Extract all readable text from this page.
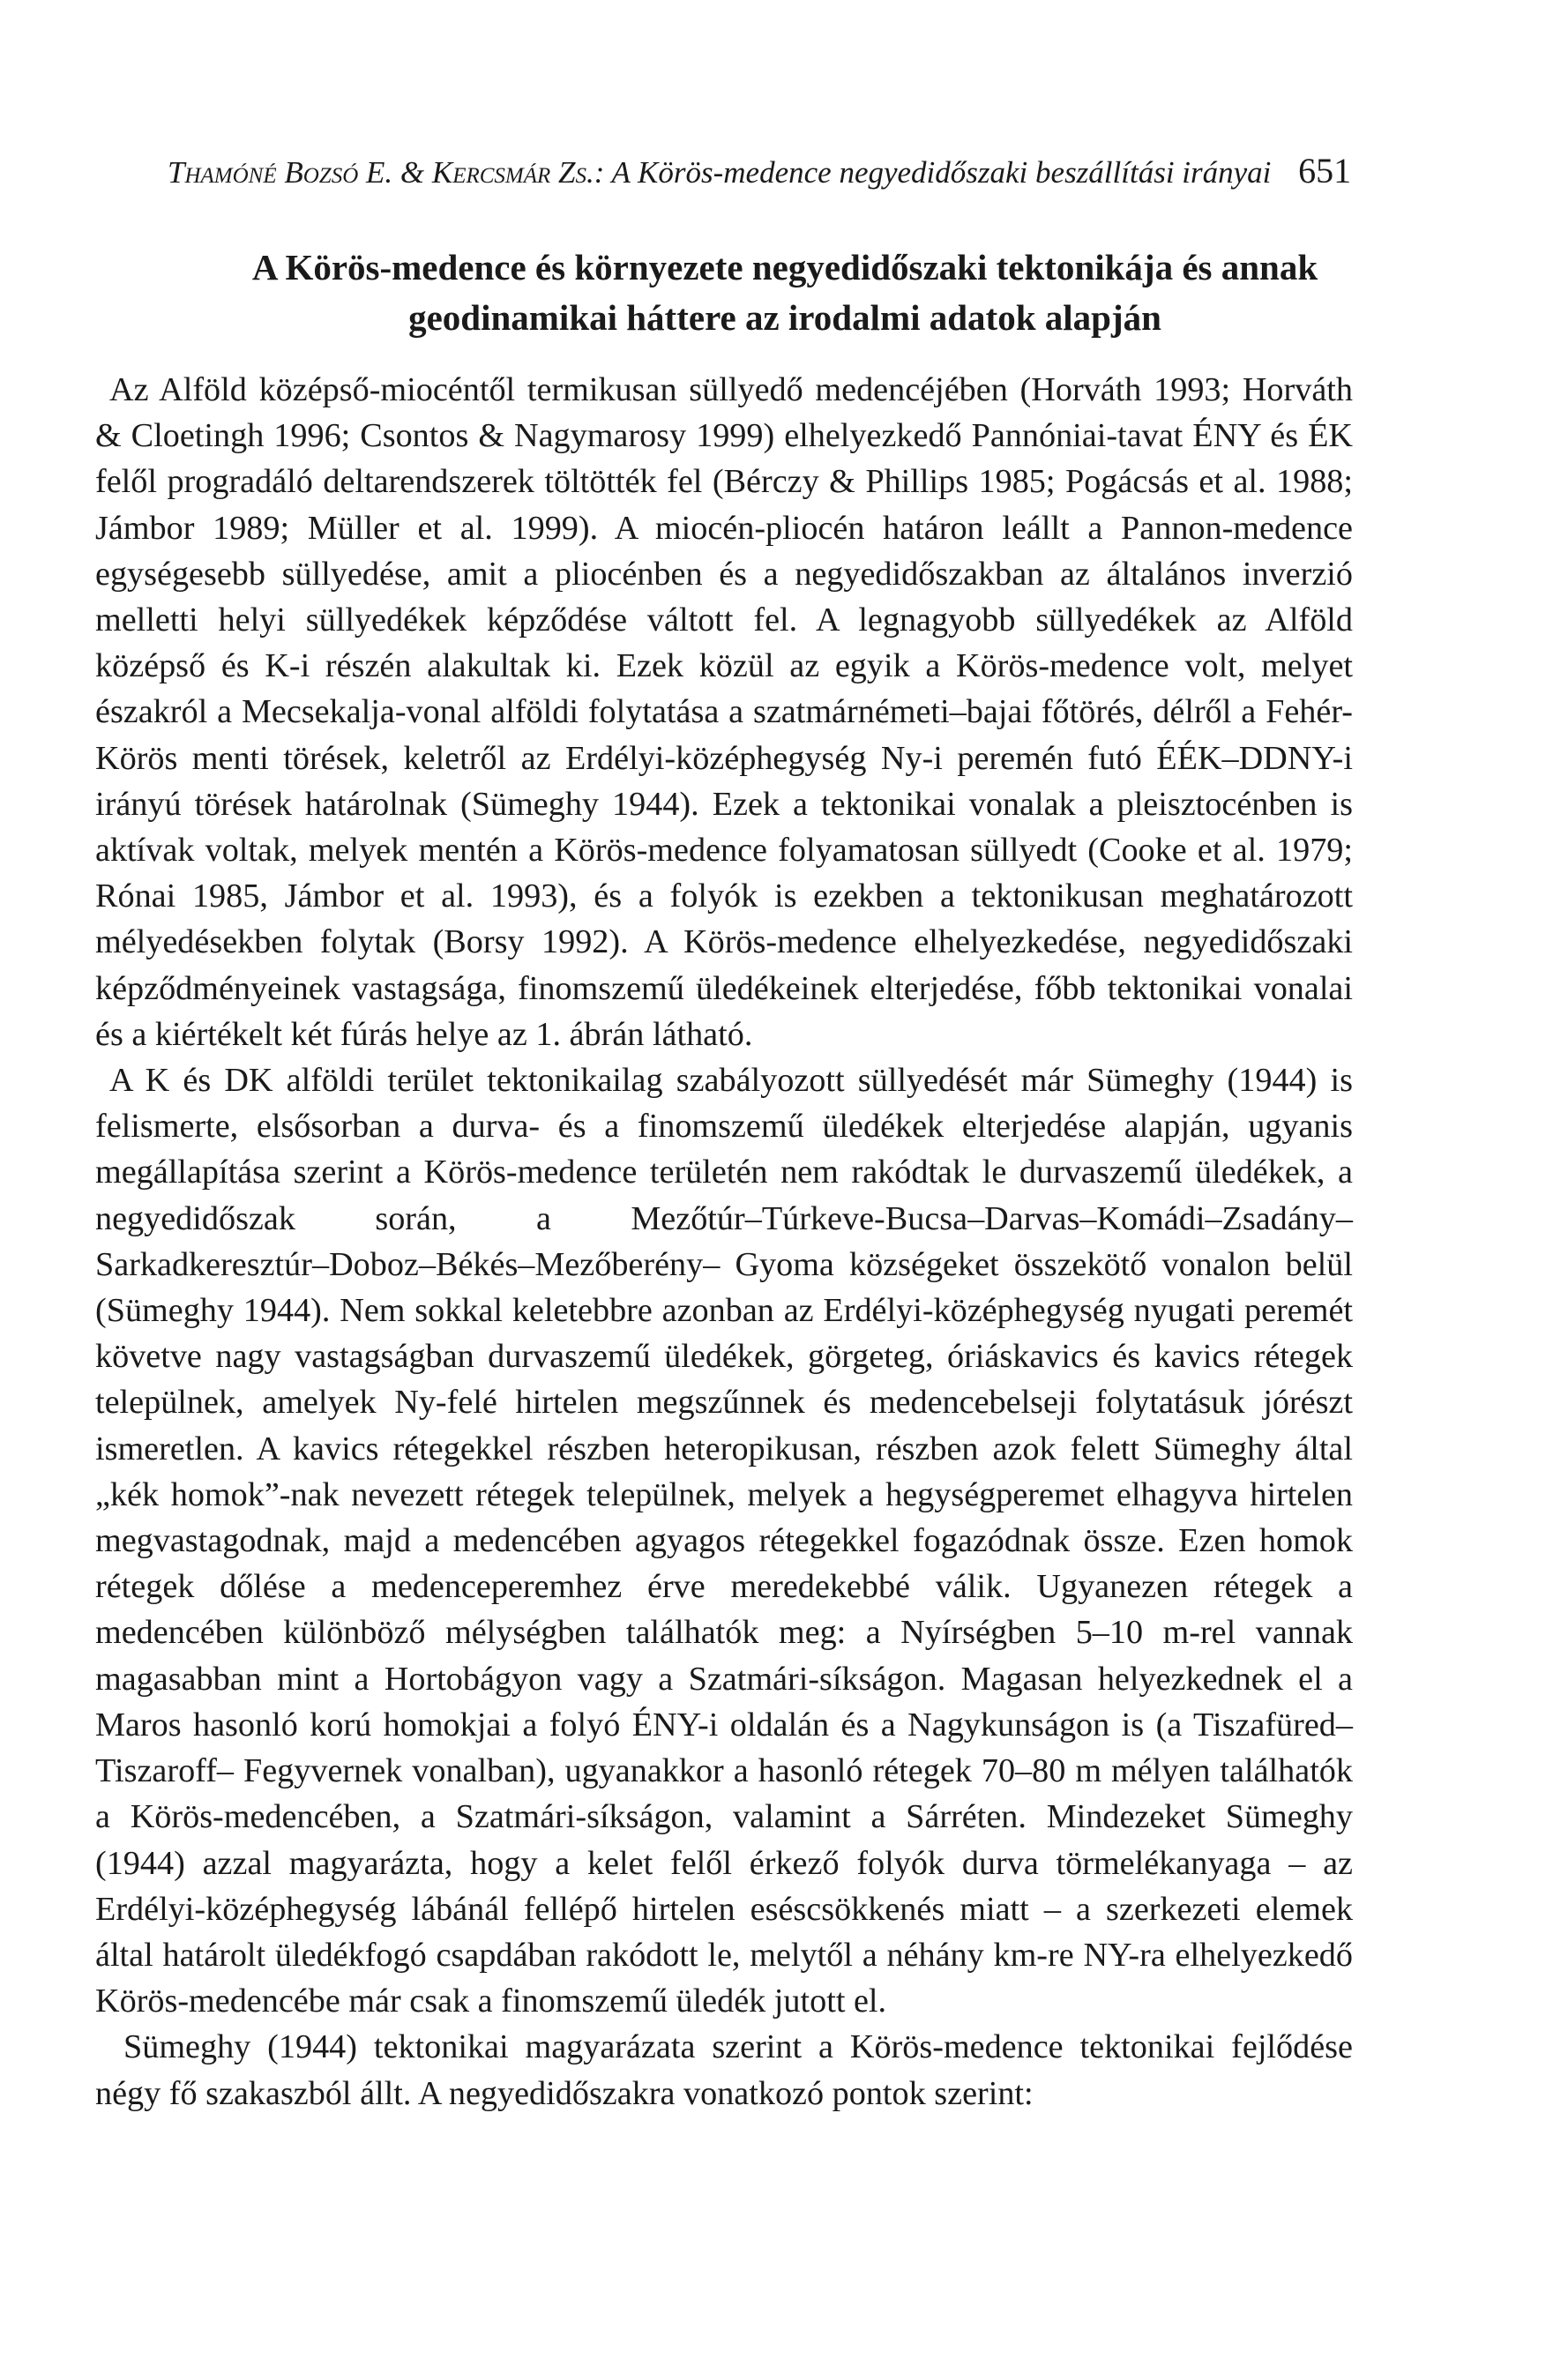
Thamóné Bozsó E. & Kercsmár Zs.: A Körös-medence negyedidőszaki beszállítási irányai 651
A Körös-medence és környezete negyedidőszaki tektonikája és annak
geodinamikai háttere az irodalmi adatok alapján

Az Alföld középső-miocéntől termikusan süllyedő medencéjében (Horváth 1993; Horváth & Cloetingh 1996; Csontos & Nagymarosy 1999) elhelyezkedő Pannóniai-tavat ÉNY és ÉK felől progradáló deltarendszerek töltötték fel (Bérczy & Phillips 1985; Pogácsás et al. 1988; Jámbor 1989; Müller et al. 1999). A miocén-pliocén határon leállt a Pannon-medence egységesebb süllyedése, amit a pliocénben és a negyedidőszakban az általános inverzió melletti helyi süllyedékek képződése váltott fel. A legnagyobb süllyedékek az Alföld középső és K-i részén alakultak ki. Ezek közül az egyik a Körös-medence volt, melyet északról a Mecsekalja-vonal alföldi folytatása a szatmárnémeti–bajai főtörés, délről a Fehér-Körös menti törések, keletről az Erdélyi-középhegység Ny-i peremén futó ÉÉK–DDNY-i irányú törések határolnak (Sümeghy 1944). Ezek a tektonikai vonalak a pleisztocénben is aktívak voltak, melyek mentén a Körös-medence folyamatosan süllyedt (Cooke et al. 1979; Rónai 1985, Jámbor et al. 1993), és a folyók is ezekben a tektonikusan meghatározott mélyedésekben folytak (Borsy 1992). A Körös-medence elhelyezkedése, negyedidőszaki képződményeinek vastagsága, finomszemű üledékeinek elterjedése, főbb tektonikai vonalai és a kiértékelt két fúrás helye az 1. ábrán látható.

A K és DK alföldi terület tektonikailag szabályozott süllyedését már Sümeghy (1944) is felismerte, elsősorban a durva- és a finomszemű üledékek elterjedése alapján, ugyanis megállapítása szerint a Körös-medence területén nem rakódtak le durvaszemű üledékek, a negyedidőszak során, a Mezőtúr–Túrkeve-Bucsa–Darvas–Komádi–Zsadány–Sarkadkeresztúr–Doboz–Békés–Mezőberény– Gyoma községeket összekötő vonalon belül (Sümeghy 1944). Nem sokkal keletebbre azonban az Erdélyi-középhegység nyugati peremét követve nagy vastagságban durvaszemű üledékek, görgeteg, óriáskavics és kavics rétegek települnek, amelyek Ny-felé hirtelen megszűnnek és medencebelseji folytatásuk jórészt ismeretlen. A kavics rétegekkel részben heteropikusan, részben azok felett Sümeghy által „kék homok”-nak nevezett rétegek települnek, melyek a hegységperemet elhagyva hirtelen megvastagodnak, majd a medencében agyagos rétegekkel fogazódnak össze. Ezen homok rétegek dőlése a medenceperemhez érve meredekebbé válik. Ugyanezen rétegek a medencében különböző mélységben találhatók meg: a Nyírségben 5–10 m-rel vannak magasabban mint a Hortobágyon vagy a Szatmári-síkságon. Magasan helyezkednek el a Maros hasonló korú homokjai a folyó ÉNY-i oldalán és a Nagykunságon is (a Tiszafüred–Tiszaroff– Fegyvernek vonalban), ugyanakkor a hasonló rétegek 70–80 m mélyen találhatók a Körös-medencében, a Szatmári-síkságon, valamint a Sárréten. Mindezeket Sümeghy (1944) azzal magyarázta, hogy a kelet felől érkező folyók durva törmelékanyaga – az Erdélyi-középhegység lábánál fellépő hirtelen eséscsökkenés miatt – a szerkezeti elemek által határolt üledékfogó csapdában rakódott le, melytől a néhány km-re NY-ra elhelyezkedő Körös-medencébe már csak a finomszemű üledék jutott el.

Sümeghy (1944) tektonikai magyarázata szerint a Körös-medence tektonikai fejlődése négy fő szakaszból állt. A negyedidőszakra vonatkozó pontok szerint:
